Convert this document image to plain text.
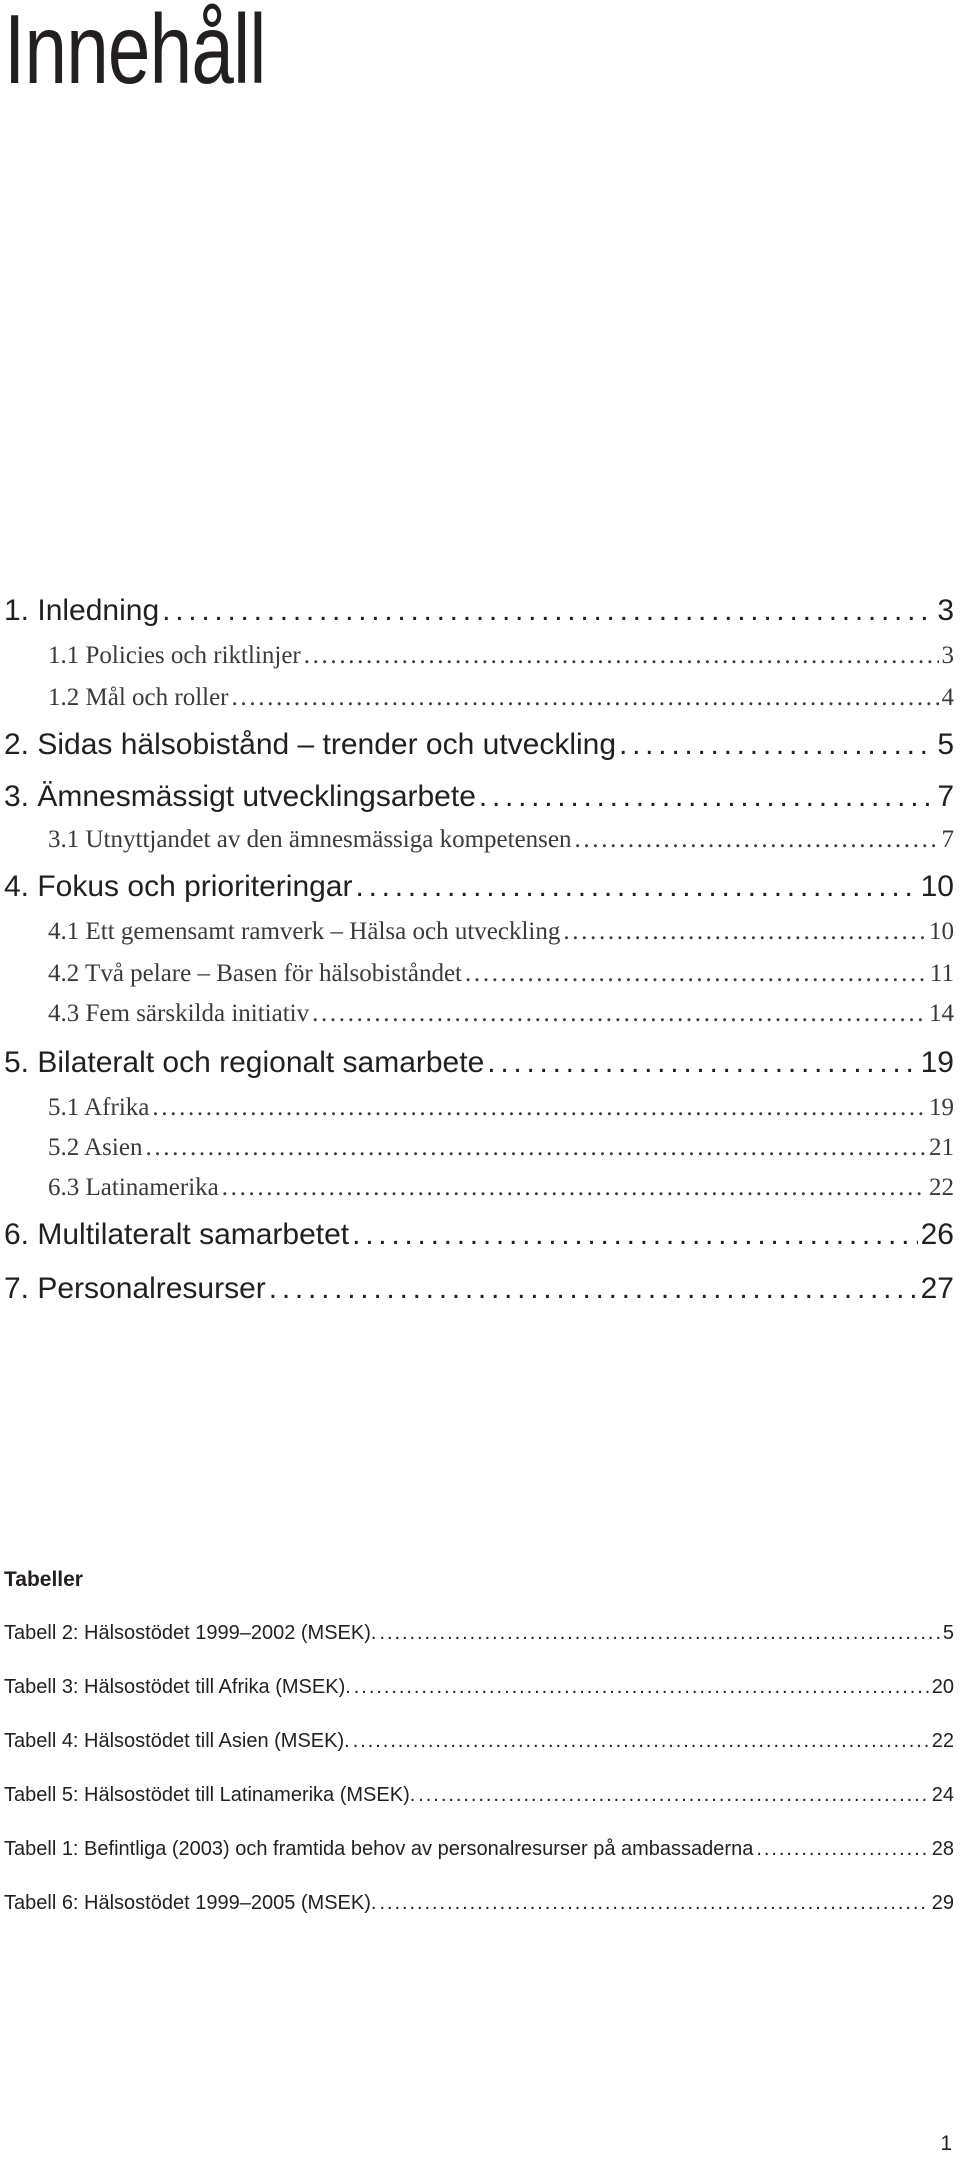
Innehåll
1. Inledning . . .	3
1.1 Policies och riktlinjer . . .	3
1.2 Mål och roller . . .	4
2. Sidas hälsobistånd – trender och utveckling . . .	5
3. Ämnesmässigt utvecklingsarbete . . .	7
3.1 Utnyttjandet av den ämnesmässiga kompetensen . . .	7
4. Fokus och prioriteringar . . .	10
4.1 Ett gemensamt ramverk – Hälsa och utveckling . . .	10
4.2 Två pelare – Basen för hälsobiståndet . . .	11
4.3 Fem särskilda initiativ . . .	14
5. Bilateralt och regionalt samarbete . . .	19
5.1 Afrika . . .	19
5.2 Asien . . .	21
6.3 Latinamerika . . .	22
6. Multilateralt samarbetet . . .	26
7. Personalresurser . . .	27
Tabeller
Tabell 2: Hälsostödet 1999–2002 (MSEK). . . .	5
Tabell 3: Hälsostödet till Afrika (MSEK). . . .	20
Tabell 4: Hälsostödet till Asien (MSEK). . . .	22
Tabell 5: Hälsostödet till Latinamerika (MSEK). . . .	24
Tabell 1: Befintliga (2003) och framtida behov av personalresurser på ambassaderna . . .	28
Tabell 6: Hälsostödet 1999–2005 (MSEK). . . .	29
1
